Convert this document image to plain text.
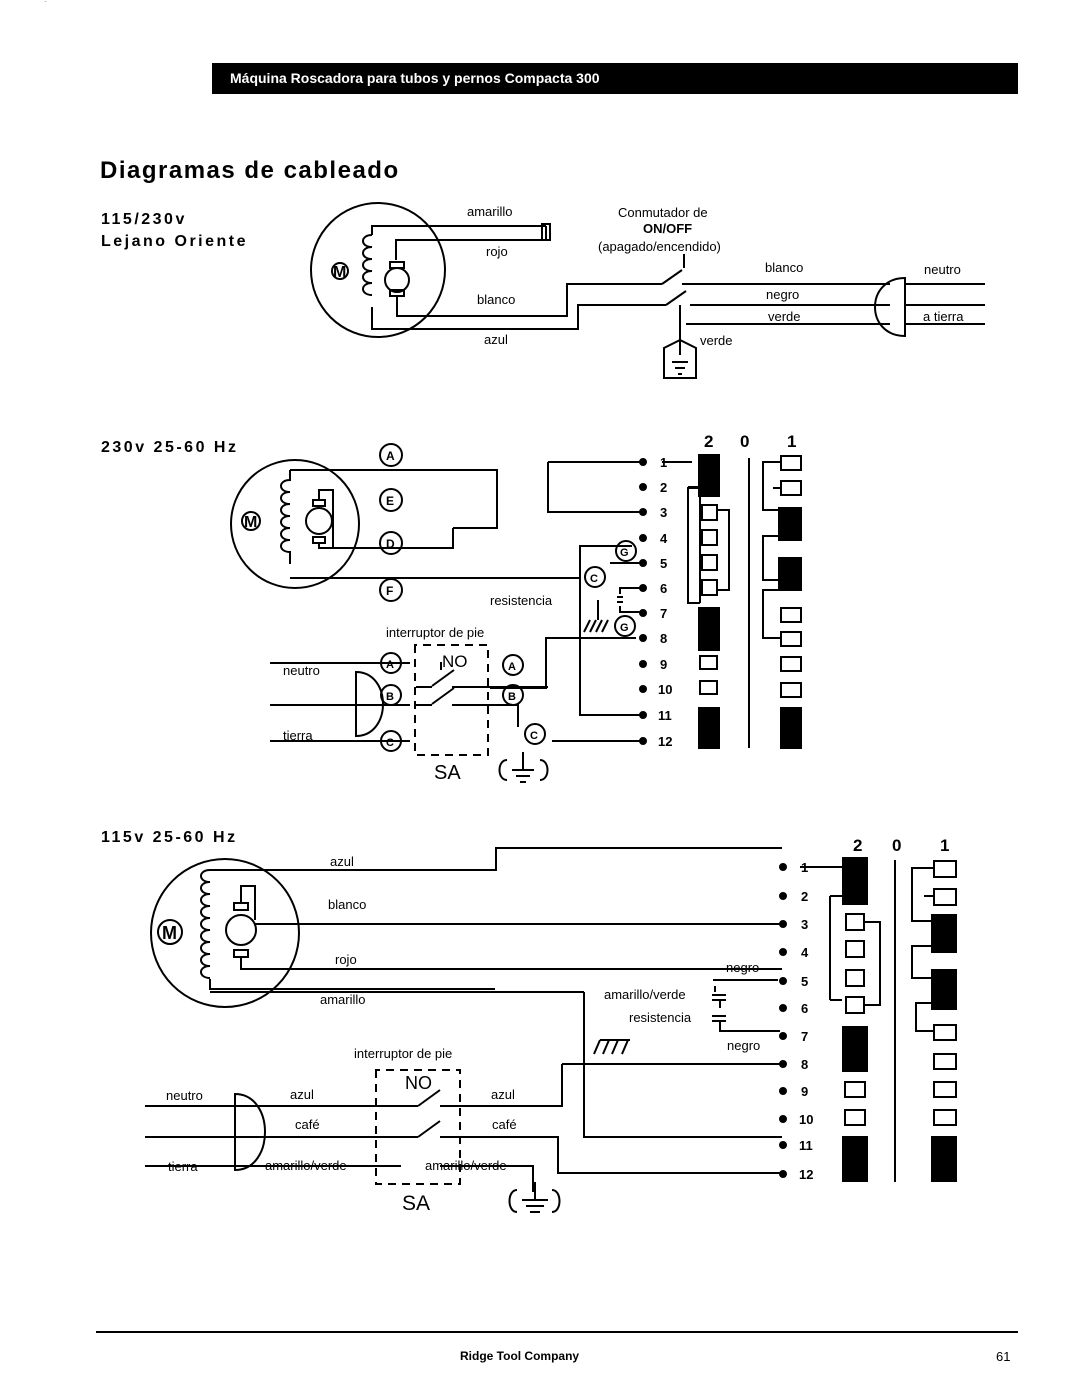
RIDGID
Máquina Roscadora para tubos y pernos Compacta 300
Diagramas de cableado
115/230v
Lejano Oriente
230v 25-60 Hz
115v 25-60 Hz
M
amarillo
rojo
blanco
azul
Conmutador de
ON/OFF
(apagado/encendido)
blanco
negro
verde
verde
neutro
a tierra
M
A
E
D
F
2 0 1
1
2
3
4
5
6
7
8
9
10
11
12
G
C
G
resistencia
interruptor de pie
neutro
tierra
NO
SA
A
B
C
A
B
C
M
2 0 1
1
2
3
4
5
6
7
8
9
10
11
12
azul
blanco
rojo
amarillo
negro
amarillo/verde
resistencia
negro
interruptor de pie
neutro	azul
café
tierra	amarillo/verde
azul
café
amarillo/verde
NO
SA
Ridge Tool Company	61
